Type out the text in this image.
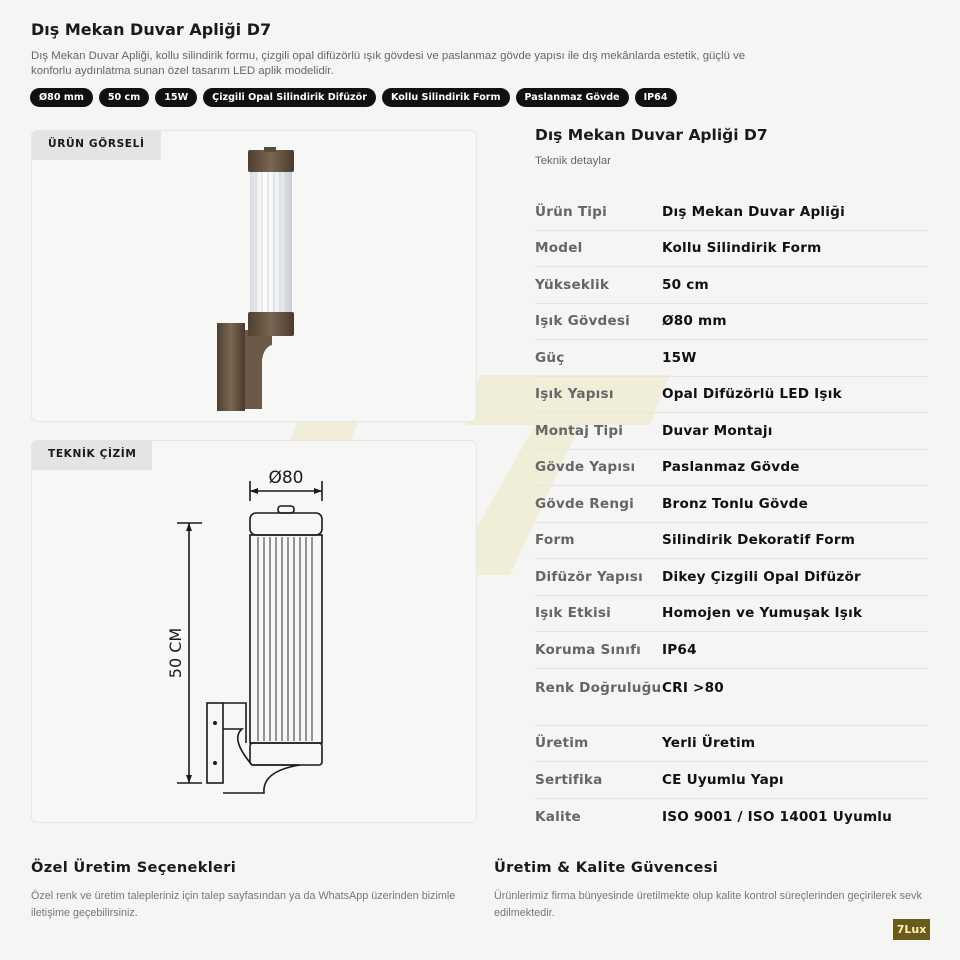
Dış Mekan Duvar Apliği D7
Dış Mekan Duvar Apliği, kollu silindirik formu, çizgili opal difüzörlü ışık gövdesi ve paslanmaz gövde yapısı ile dış mekânlarda estetik, güçlü ve konforlu aydınlatma sunan özel tasarım LED aplik modelidir.
Ø80 mm	50 cm	15W	Çizgili Opal Silindirik Difüzör	Kollu Silindirik Form	Paslanmaz Gövde	IP64
ÜRÜN GÖRSELİ
TEKNİK ÇİZİM
Ø80
50 CM
Dış Mekan Duvar Apliği D7
Teknik detaylar
Ürün Tipi	Dış Mekan Duvar Apliği
Model	Kollu Silindirik Form
Yükseklik	50 cm
Işık Gövdesi	Ø80 mm
Güç	15W
Işık Yapısı	Opal Difüzörlü LED Işık
Montaj Tipi	Duvar Montajı
Gövde Yapısı	Paslanmaz Gövde
Gövde Rengi	Bronz Tonlu Gövde
Form	Silindirik Dekoratif Form
Difüzör Yapısı	Dikey Çizgili Opal Difüzör
Işık Etkisi	Homojen ve Yumuşak Işık
Koruma Sınıfı	IP64
Renk Doğruluğu CRI >80
Üretim	Yerli Üretim
Sertifika	CE Uyumlu Yapı
Kalite	ISO 9001 / ISO 14001 Uyumlu
Özel Üretim Seçenekleri
Özel renk ve üretim talepleriniz için talep sayfasından ya da WhatsApp üzerinden bizimle iletişime geçebilirsiniz.
Üretim & Kalite Güvencesi
Ürünlerimiz firma bünyesinde üretilmekte olup kalite kontrol süreçlerinden geçirilerek sevk edilmektedir.
7Lux
